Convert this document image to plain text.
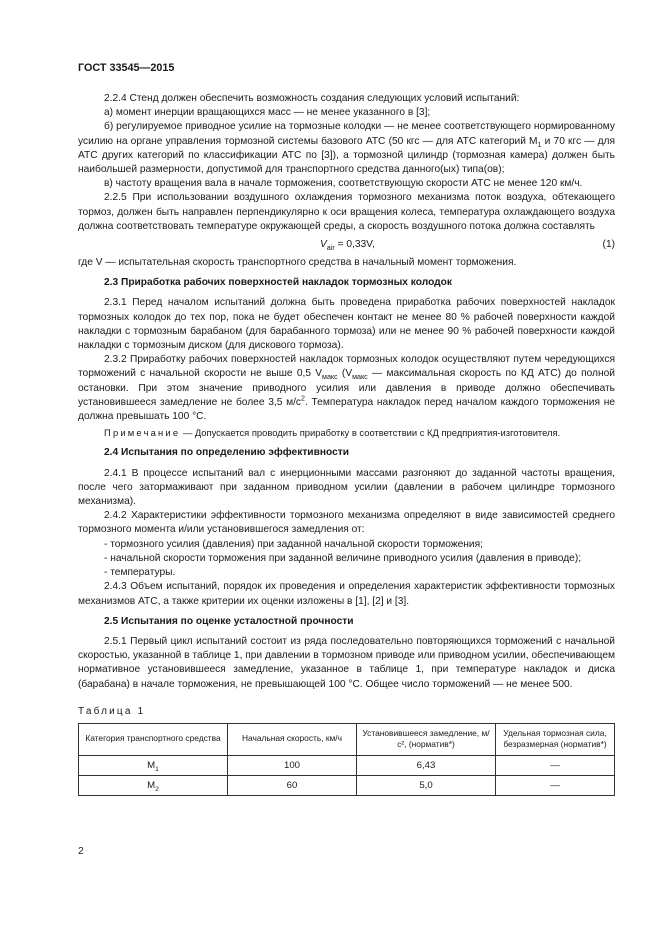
ГОСТ 33545—2015

2.2.4 Стенд должен обеспечить возможность создания следующих условий испытаний:

а) момент инерции вращающихся масс — не менее указанного в [3];

б) регулируемое приводное усилие на тормозные колодки — не менее соответствующего нормированному усилию на органе управления тормозной системы базового АТС (50 кгс — для АТС категорий $М_1$ и 70 кгс — для АТС других категорий по классификации АТС по [3]), а тормозной цилиндр (тормозная камера) должен быть наибольшей размерности, допустимой для транспортного средства данного(ых) типа(ов);

в) частоту вращения вала в начале торможения, соответствующую скорости АТС не менее 120 км/ч.

2.2.5 При использовании воздушного охлаждения тормозного механизма поток воздуха, обтекающего тормоз, должен быть направлен перпендикулярно к оси вращения колеса, температура охлаждающего воздуха должна соответствовать температуре окружающей среды, а скорость воздушного потока должна составлять

$V_{air} = 0,33V$,	(1)

где V — испытательная скорость транспортного средства в начальный момент торможения.

2.3 Приработка рабочих поверхностей накладок тормозных колодок

2.3.1 Перед началом испытаний должна быть проведена приработка рабочих поверхностей накладок тормозных колодок до тех пор, пока не будет обеспечен контакт не менее 80 % рабочей поверхности каждой накладки с тормозным барабаном (для барабанного тормоза) или не менее 90 % рабочей поверхности каждой накладки с тормозным диском (для дискового тормоза).

2.3.2 Приработку рабочих поверхностей накладок тормозных колодок осуществляют путем чередующихся торможений с начальной скорости не выше 0,5 $V_{макс}$ ($V_{макс}$ — максимальная скорость по КД АТС) до полной остановки. При этом значение приводного усилия или давления в приводе должно обеспечивать установившееся замедление не более 3,5 $м/с^2$. Температура накладок перед началом каждого торможения не должна превышать 100 °C.

Примечание — Допускается проводить приработку в соответствии с КД предприятия-изготовителя.

2.4 Испытания по определению эффективности

2.4.1 В процессе испытаний вал с инерционными массами разгоняют до заданной частоты вращения, после чего затормаживают при заданном приводном усилии (давлении в рабочем цилиндре тормозного механизма).

2.4.2 Характеристики эффективности тормозного механизма определяют в виде зависимостей среднего тормозного момента и/или установившегося замедления от:

- тормозного усилия (давления) при заданной начальной скорости торможения;

- начальной скорости торможения при заданной величине приводного усилия (давления в приводе);

- температуры.

2.4.3 Объем испытаний, порядок их проведения и определения характеристик эффективности тормозных механизмов АТС, а также критерии их оценки изложены в [1], [2] и [3].

2.5 Испытания по оценке усталостной прочности

2.5.1 Первый цикл испытаний состоит из ряда последовательно повторяющихся торможений с начальной скоростью, указанной в таблице 1, при давлении в тормозном приводе или приводном усилии, обеспечивающем нормативное установившееся замедление, указанное в таблице 1, при температуре накладок и диска (барабана) в начале торможения, не превышающей 100 °C. Общее число торможений — не менее 500.

Таблица 1
Категория транспортного средства	Начальная скорость, км/ч	Установившееся замедление, м/с², (норматив*)	Удельная тормозная сила, безразмерная (норматив*)
$M_1$	100	6,43	—
$M_2$	60	5,0	—
2
